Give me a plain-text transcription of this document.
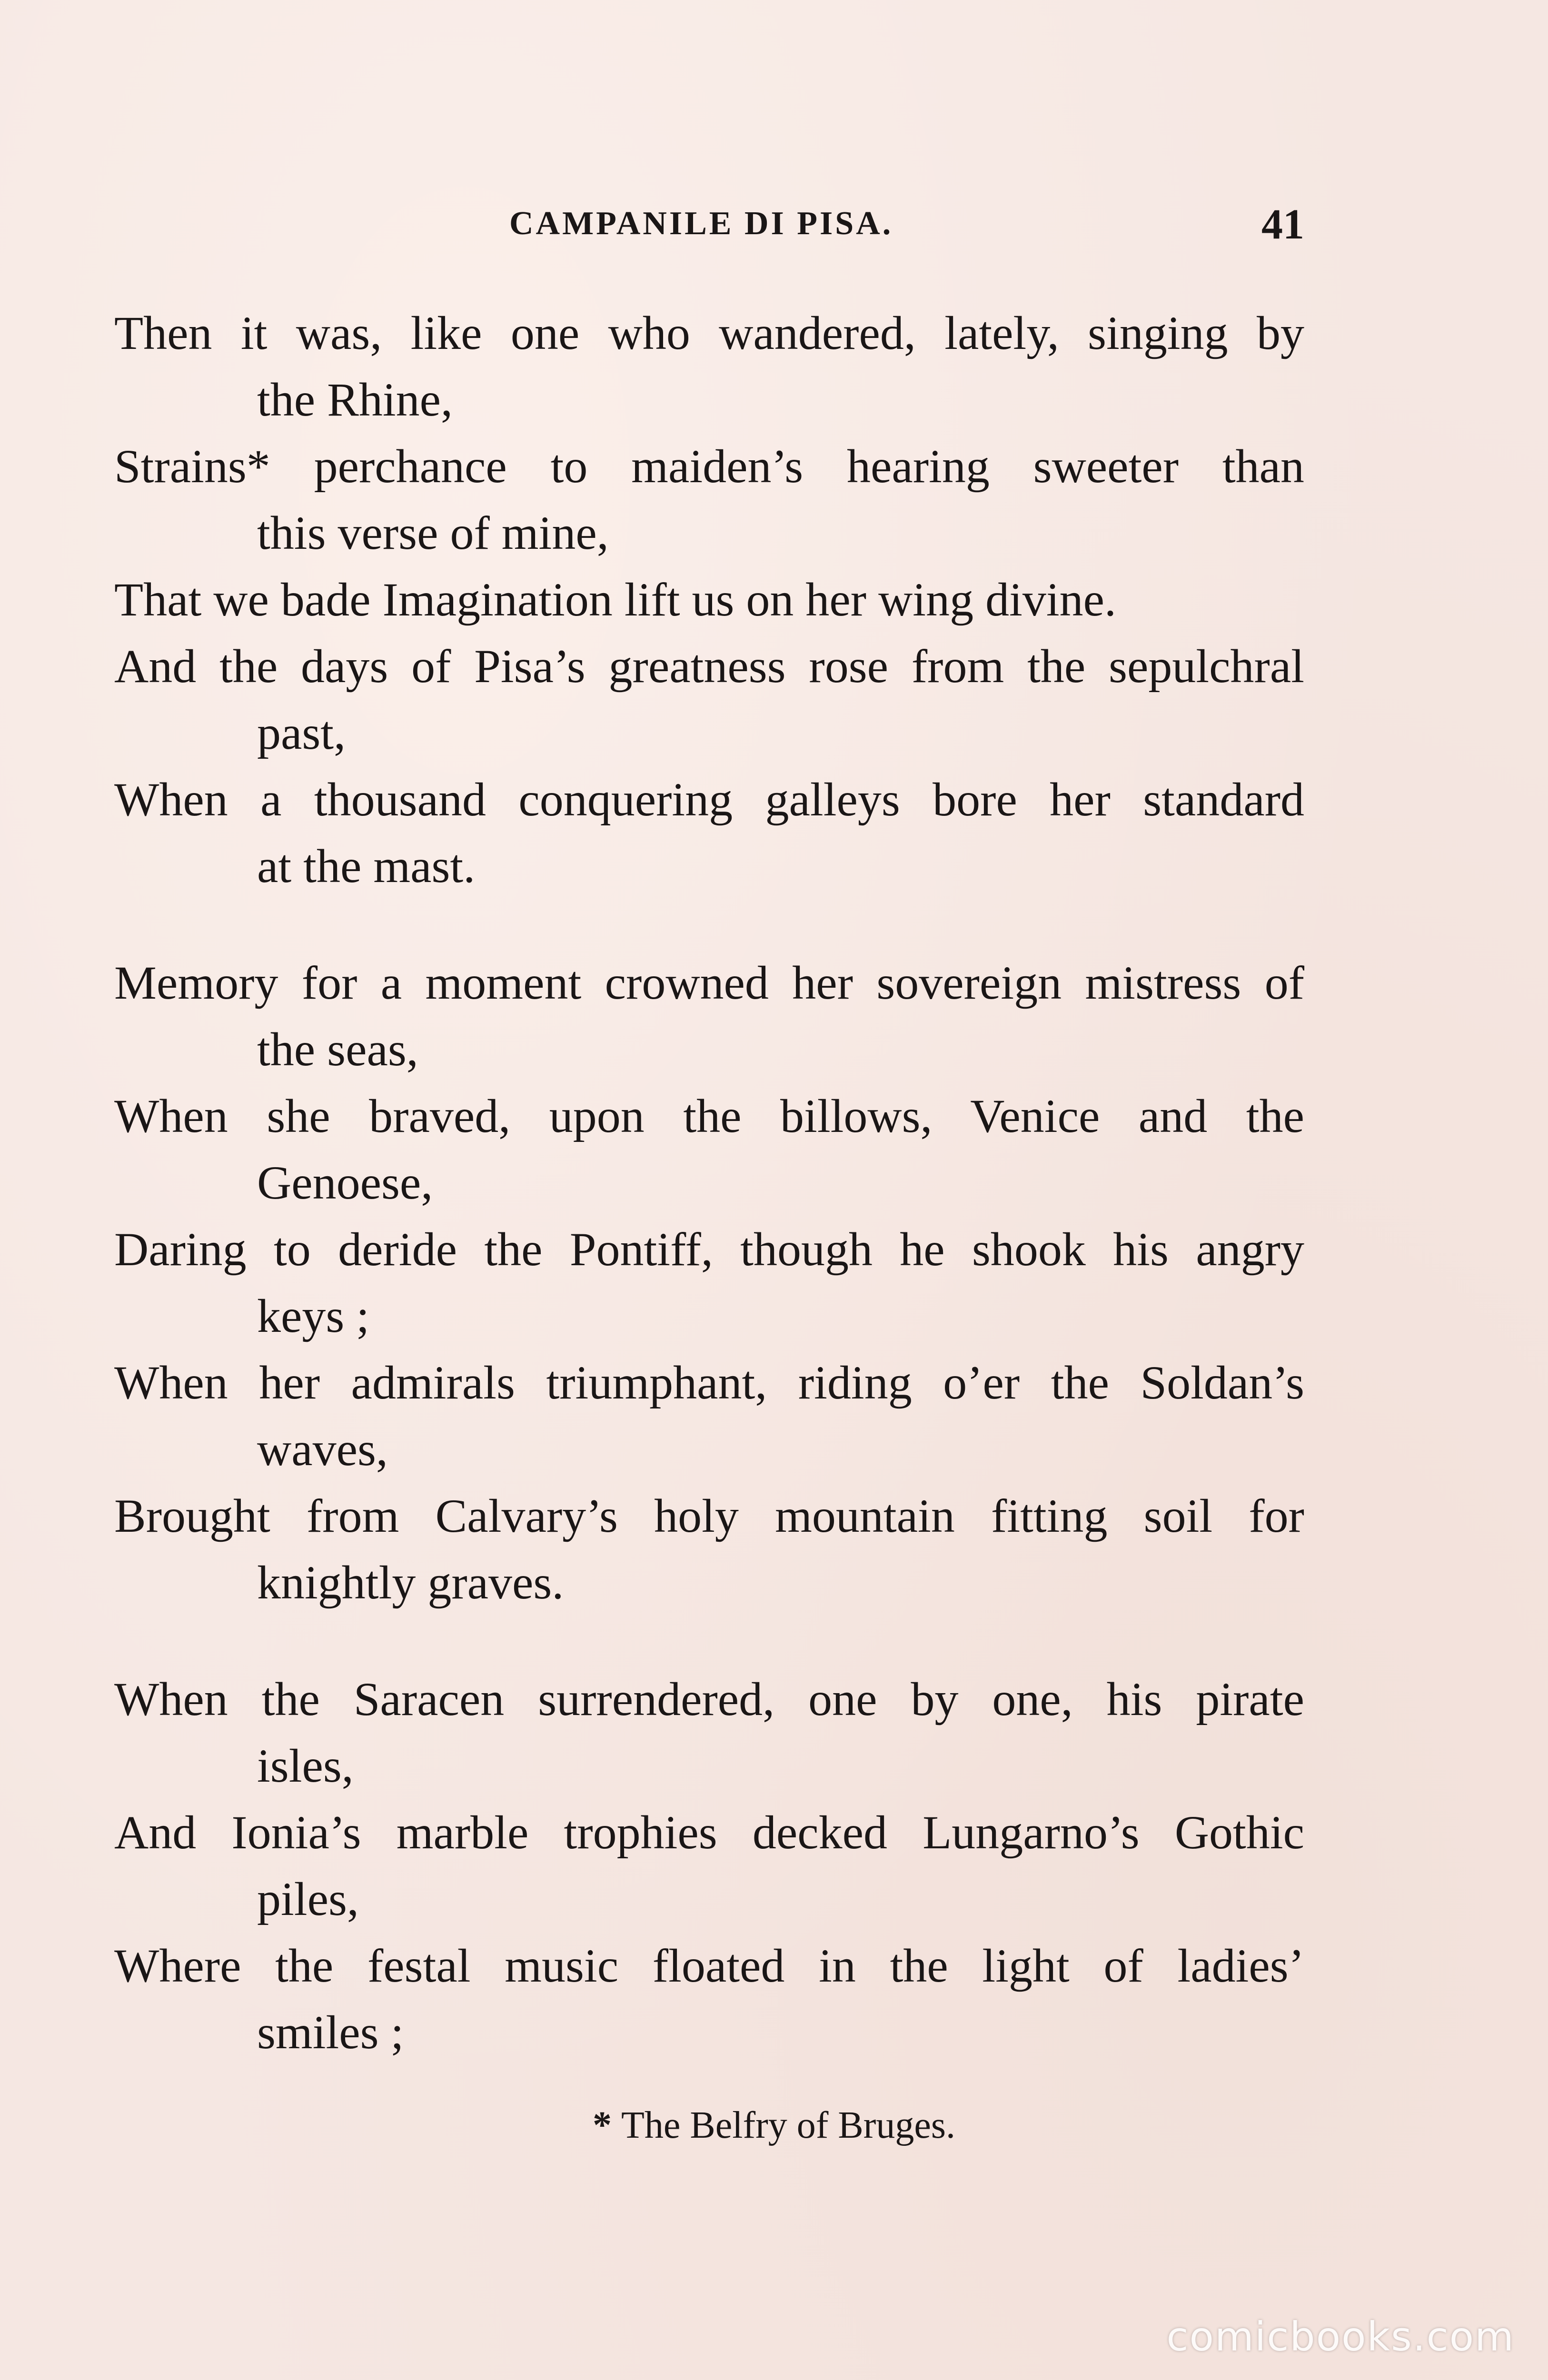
CAMPANILE DI PISA.	41
Then it was, like one who wandered, lately, singing by
the Rhine,
Strains* perchance to maiden’s hearing sweeter than
this verse of mine,
That we bade Imagination lift us on her wing divine.
And the days of Pisa’s greatness rose from the sepulchral
past,
When a thousand conquering galleys bore her standard
at the mast.
Memory for a moment crowned her sovereign mistress of
the seas,
When she braved, upon the billows, Venice and the
Genoese,
Daring to deride the Pontiff, though he shook his angry
keys ;
When her admirals triumphant, riding o’er the Soldan’s
waves,
Brought from Calvary’s holy mountain fitting soil for
knightly graves.
When the Saracen surrendered, one by one, his pirate
isles,
And Ionia’s marble trophies decked Lungarno’s Gothic
piles,
Where the festal music floated in the light of ladies’
smiles ;
* The Belfry of Bruges.
comicbooks.com
